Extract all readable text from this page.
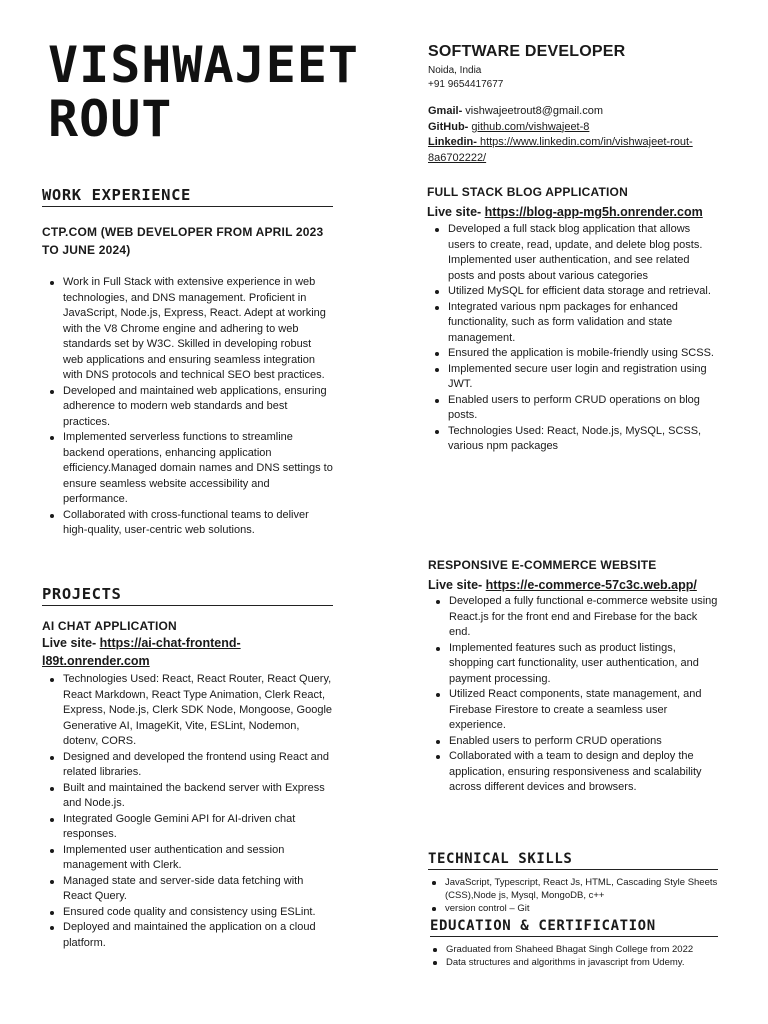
VISHWAJEET
ROUT
SOFTWARE DEVELOPER
Noida, India
+91 9654417677
Gmail- vishwajeetrout8@gmail.com
GitHub- github.com/vishwajeet-8
Linkedin- https://www.linkedin.com/in/vishwajeet-rout-8a6702222/
WORK EXPERIENCE
CTP.COM (WEB DEVELOPER FROM APRIL 2023 TO JUNE 2024)
Work in Full Stack with extensive experience in web technologies, and DNS management. Proficient in JavaScript, Node.js, Express, React. Adept at working with the V8 Chrome engine and adhering to web standards set by W3C. Skilled in developing robust web applications and ensuring seamless integration with DNS protocols and technical SEO best practices.
Developed and maintained web applications, ensuring adherence to modern web standards and best practices.
Implemented serverless functions to streamline backend operations, enhancing application efficiency.Managed domain names and DNS settings to ensure seamless website accessibility and performance.
Collaborated with cross-functional teams to deliver high-quality, user-centric web solutions.
PROJECTS
AI CHAT APPLICATION
Live site- https://ai-chat-frontend-l89t.onrender.com
Technologies Used: React, React Router, React Query, React Markdown, React Type Animation, Clerk React, Express, Node.js, Clerk SDK Node, Mongoose, Google Generative AI, ImageKit, Vite, ESLint, Nodemon, dotenv, CORS.
Designed and developed the frontend using React and related libraries.
Built and maintained the backend server with Express and Node.js.
Integrated Google Gemini API for AI-driven chat responses.
Implemented user authentication and session management with Clerk.
Managed state and server-side data fetching with React Query.
Ensured code quality and consistency using ESLint.
Deployed and maintained the application on a cloud platform.
FULL STACK BLOG APPLICATION
Live site- https://blog-app-mg5h.onrender.com
Developed a full stack blog application that allows users to create, read, update, and delete blog posts. Implemented user authentication, and see related posts and posts about various categories
Utilized MySQL for efficient data storage and retrieval.
Integrated various npm packages for enhanced functionality, such as form validation and state management.
Ensured the application is mobile-friendly using SCSS.
Implemented secure user login and registration using JWT.
Enabled users to perform CRUD operations on blog posts.
Technologies Used: React, Node.js, MySQL, SCSS, various npm packages
RESPONSIVE E-COMMERCE WEBSITE
Live site- https://e-commerce-57c3c.web.app/
Developed a fully functional e-commerce website using React.js for the front end and Firebase for the back end.
Implemented features such as product listings, shopping cart functionality, user authentication, and payment processing.
Utilized React components, state management, and Firebase Firestore to create a seamless user experience.
Enabled users to perform CRUD operations
Collaborated with a team to design and deploy the application, ensuring responsiveness and scalability across different devices and browsers.
TECHNICAL SKILLS
JavaScript, Typescript, React Js, HTML, Cascading Style Sheets (CSS),Node js, Mysql, MongoDB, c++
version control – Git
EDUCATION & CERTIFICATION
Graduated from Shaheed Bhagat Singh College from 2022
Data structures and algorithms in javascript from Udemy.
